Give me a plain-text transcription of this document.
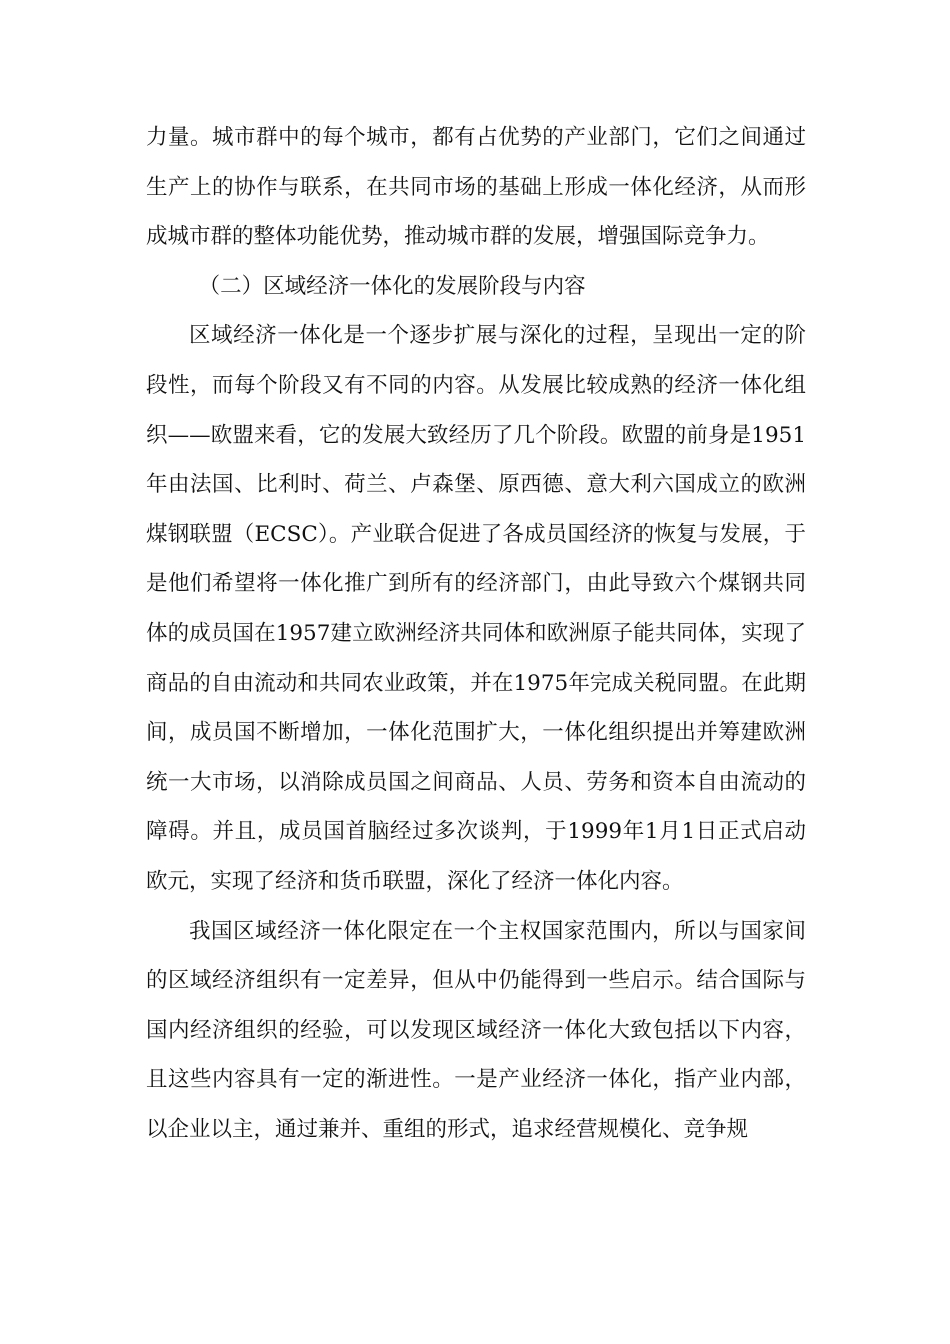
力量。城市群中的每个城市，都有占优势的产业部门，它们之间通过生产上的协作与联系，在共同市场的基础上形成一体化经济，从而形成城市群的整体功能优势，推动城市群的发展，增强国际竞争力。

（二）区域经济一体化的发展阶段与内容

区域经济一体化是一个逐步扩展与深化的过程，呈现出一定的阶段性，而每个阶段又有不同的内容。从发展比较成熟的经济一体化组织——欧盟来看，它的发展大致经历了几个阶段。欧盟的前身是1951年由法国、比利时、荷兰、卢森堡、原西德、意大利六国成立的欧洲煤钢联盟（ECSC）。产业联合促进了各成员国经济的恢复与发展，于是他们希望将一体化推广到所有的经济部门，由此导致六个煤钢共同体的成员国在1957建立欧洲经济共同体和欧洲原子能共同体，实现了商品的自由流动和共同农业政策，并在1975年完成关税同盟。在此期间，成员国不断增加，一体化范围扩大，一体化组织提出并筹建欧洲统一大市场，以消除成员国之间商品、人员、劳务和资本自由流动的障碍。并且，成员国首脑经过多次谈判，于1999年1月1日正式启动欧元，实现了经济和货币联盟，深化了经济一体化内容。

我国区域经济一体化限定在一个主权国家范围内，所以与国家间的区域经济组织有一定差异，但从中仍能得到一些启示。结合国际与国内经济组织的经验，可以发现区域经济一体化大致包括以下内容，且这些内容具有一定的渐进性。一是产业经济一体化，指产业内部，以企业以主，通过兼并、重组的形式，追求经营规模化、竞争规
